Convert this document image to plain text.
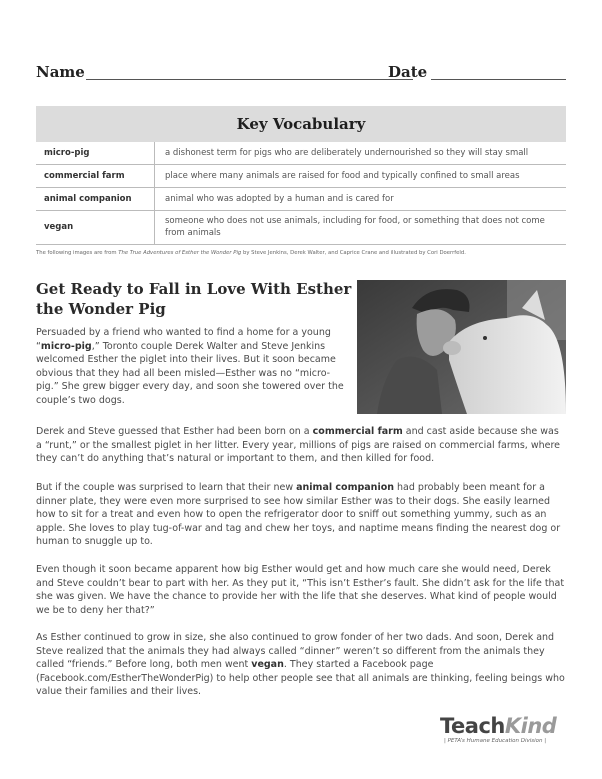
Name	Date
Key Vocabulary
micro-pig	a dishonest term for pigs who are deliberately undernourished so they will stay small
commercial farm	place where many animals are raised for food and typically confined to small areas
animal companion	animal who was adopted by a human and is cared for
vegan	someone who does not use animals, including for food, or something that does not come from animals
The following images are from The True Adventures of Esther the Wonder Pig by Steve Jenkins, Derek Walter, and Caprice Crane and illustrated by Cori Doerrfeld.
Get Ready to Fall in Love With Esther the Wonder Pig
Persuaded by a friend who wanted to find a home for a young “micro-pig,” Toronto couple Derek Walter and Steve Jenkins welcomed Esther the piglet into their lives. But it soon became obvious that they had all been misled—Esther was no “micro-pig.” She grew bigger every day, and soon she towered over the couple’s two dogs.
Derek and Steve guessed that Esther had been born on a commercial farm and cast aside because she was a “runt,” or the smallest piglet in her litter. Every year, millions of pigs are raised on commercial farms, where they can’t do anything that’s natural or important to them, and then killed for food.
But if the couple was surprised to learn that their new animal companion had probably been meant for a dinner plate, they were even more surprised to see how similar Esther was to their dogs. She easily learned how to sit for a treat and even how to open the refrigerator door to sniff out something yummy, such as an apple. She loves to play tug-of-war and tag and chew her toys, and naptime means finding the nearest dog or human to snuggle up to.
Even though it soon became apparent how big Esther would get and how much care she would need, Derek and Steve couldn’t bear to part with her. As they put it, “This isn’t Esther’s fault. She didn’t ask for the life that she was given. We have the chance to provide her with the life that she deserves. What kind of people would we be to deny her that?”
As Esther continued to grow in size, she also continued to grow fonder of her two dads. And soon, Derek and Steve realized that the animals they had always called “dinner” weren’t so different from the animals they called “friends.” Before long, both men went vegan. They started a Facebook page (Facebook.com/EstherTheWonderPig) to help other people see that all animals are thinking, feeling beings who value their families and their lives.
TeachKind
| PETA’s Humane Education Division |
